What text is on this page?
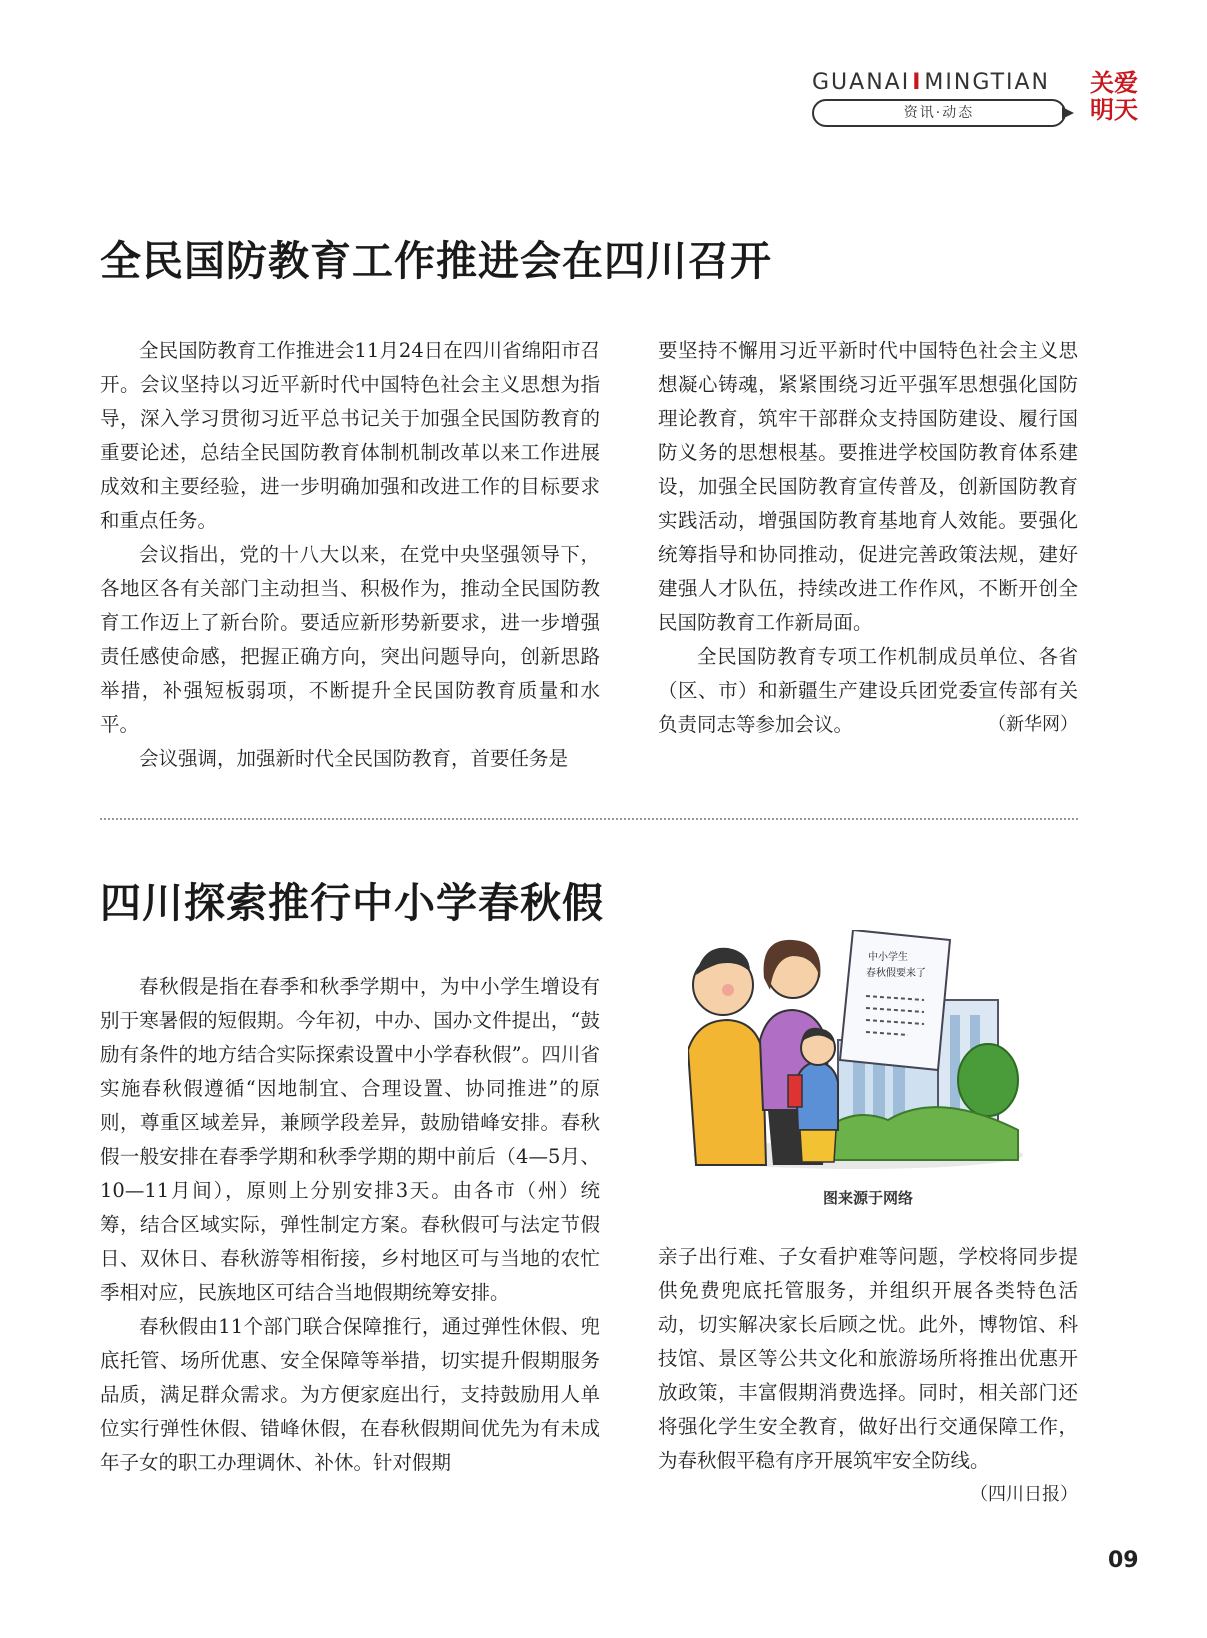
GUANAIIMINGTIAN
资讯·动态
关爱
明天
全民国防教育工作推进会在四川召开

全民国防教育工作推进会11月24日在四川省绵阳市召开。会议坚持以习近平新时代中国特色社会主义思想为指导，深入学习贯彻习近平总书记关于加强全民国防教育的重要论述，总结全民国防教育体制机制改革以来工作进展成效和主要经验，进一步明确加强和改进工作的目标要求和重点任务。

会议指出，党的十八大以来，在党中央坚强领导下，各地区各有关部门主动担当、积极作为，推动全民国防教育工作迈上了新台阶。要适应新形势新要求，进一步增强责任感使命感，把握正确方向，突出问题导向，创新思路举措，补强短板弱项，不断提升全民国防教育质量和水平。

会议强调，加强新时代全民国防教育，首要任务是

要坚持不懈用习近平新时代中国特色社会主义思想凝心铸魂，紧紧围绕习近平强军思想强化国防理论教育，筑牢干部群众支持国防建设、履行国防义务的思想根基。要推进学校国防教育体系建设，加强全民国防教育宣传普及，创新国防教育实践活动，增强国防教育基地育人效能。要强化统筹指导和协同推动，促进完善政策法规，建好建强人才队伍，持续改进工作作风，不断开创全民国防教育工作新局面。

全民国防教育专项工作机制成员单位、各省（区、市）和新疆生产建设兵团党委宣传部有关负责同志等参加会议。	（新华网）

四川探索推行中小学春秋假

春秋假是指在春季和秋季学期中，为中小学生增设有别于寒暑假的短假期。今年初，中办、国办文件提出，“鼓励有条件的地方结合实际探索设置中小学春秋假”。四川省实施春秋假遵循“因地制宜、合理设置、协同推进”的原则，尊重区域差异，兼顾学段差异，鼓励错峰安排。春秋假一般安排在春季学期和秋季学期的期中前后（4—5月、10—11月间），原则上分别安排3天。由各市（州）统筹，结合区域实际，弹性制定方案。春秋假可与法定节假日、双休日、春秋游等相衔接，乡村地区可与当地的农忙季相对应，民族地区可结合当地假期统筹安排。

春秋假由11个部门联合保障推行，通过弹性休假、兜底托管、场所优惠、安全保障等举措，切实提升假期服务品质，满足群众需求。为方便家庭出行，支持鼓励用人单位实行弹性休假、错峰休假，在春秋假期间优先为有未成年子女的职工办理调休、补休。针对假期

中小学生
春秋假要来了
图来源于网络

亲子出行难、子女看护难等问题，学校将同步提供免费兜底托管服务，并组织开展各类特色活动，切实解决家长后顾之忧。此外，博物馆、科技馆、景区等公共文化和旅游场所将推出优惠开放政策，丰富假期消费选择。同时，相关部门还将强化学生安全教育，做好出行交通保障工作，为春秋假平稳有序开展筑牢安全防线。
（四川日报）

09
